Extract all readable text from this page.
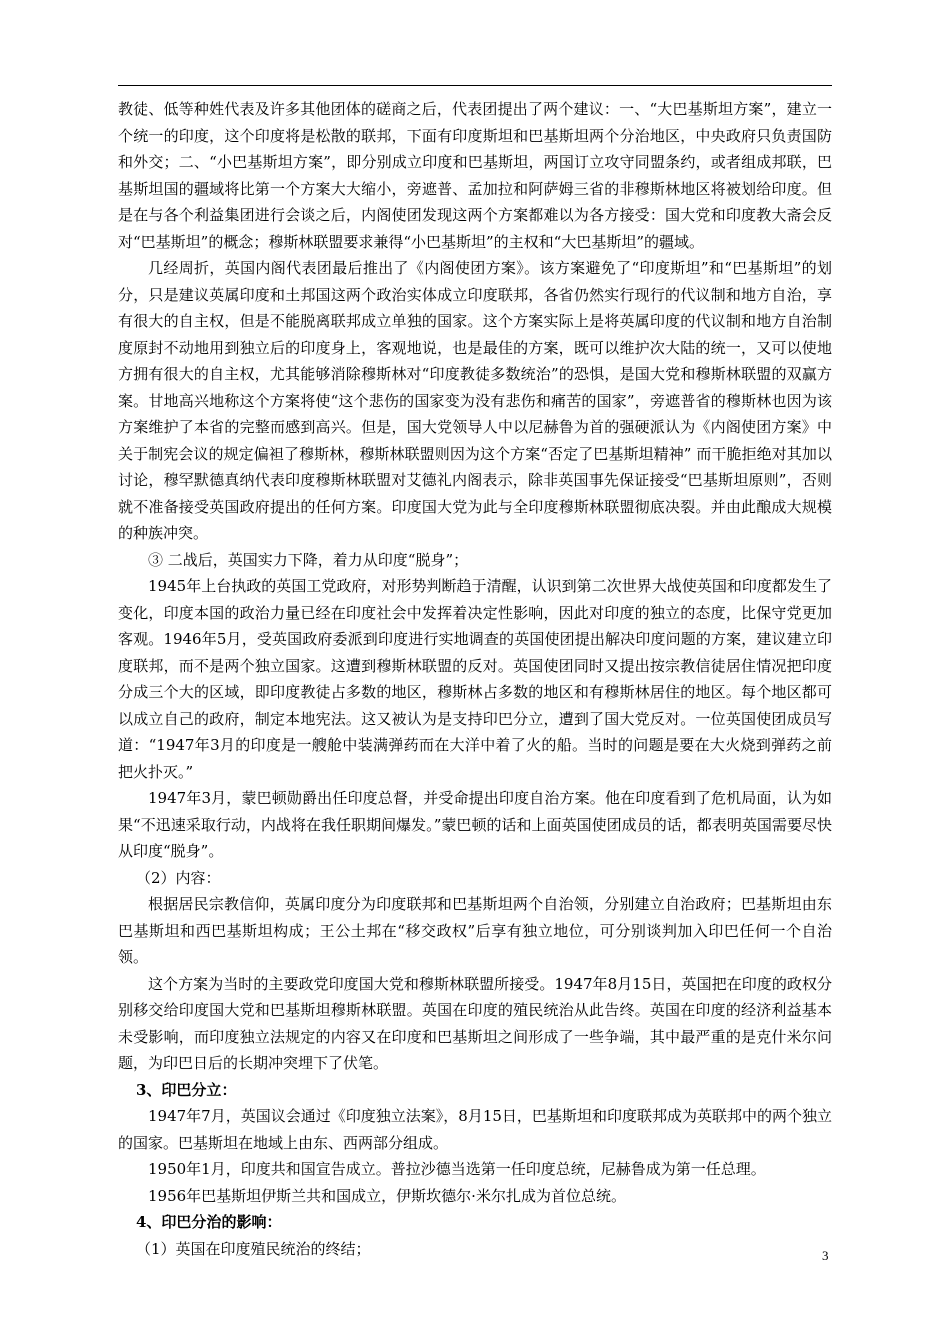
教徒、低等种姓代表及许多其他团体的磋商之后，代表团提出了两个建议：一、“大巴基斯坦方案”，建立一个统一的印度，这个印度将是松散的联邦，下面有印度斯坦和巴基斯坦两个分治地区，中央政府只负责国防和外交；二、“小巴基斯坦方案”，即分别成立印度和巴基斯坦，两国订立攻守同盟条约，或者组成邦联，巴基斯坦国的疆域将比第一个方案大大缩小，旁遮普、孟加拉和阿萨姆三省的非穆斯林地区将被划给印度。但是在与各个利益集团进行会谈之后，内阁使团发现这两个方案都难以为各方接受：国大党和印度教大斋会反对“巴基斯坦”的概念；穆斯林联盟要求兼得“小巴基斯坦”的主权和“大巴基斯坦”的疆域。

几经周折，英国内阁代表团最后推出了《内阁使团方案》。该方案避免了“印度斯坦”和“巴基斯坦”的划分，只是建议英属印度和土邦国这两个政治实体成立印度联邦，各省仍然实行现行的代议制和地方自治，享有很大的自主权，但是不能脱离联邦成立单独的国家。这个方案实际上是将英属印度的代议制和地方自治制度原封不动地用到独立后的印度身上，客观地说，也是最佳的方案，既可以维护次大陆的统一，又可以使地方拥有很大的自主权，尤其能够消除穆斯林对“印度教徒多数统治”的恐惧，是国大党和穆斯林联盟的双赢方案。甘地高兴地称这个方案将使“这个悲伤的国家变为没有悲伤和痛苦的国家”，旁遮普省的穆斯林也因为该方案维护了本省的完整而感到高兴。但是，国大党领导人中以尼赫鲁为首的强硬派认为《内阁使团方案》中关于制宪会议的规定偏袒了穆斯林，穆斯林联盟则因为这个方案“否定了巴基斯坦精神” 而干脆拒绝对其加以讨论，穆罕默德真纳代表印度穆斯林联盟对艾德礼内阁表示，除非英国事先保证接受“巴基斯坦原则”，否则就不准备接受英国政府提出的任何方案。印度国大党为此与全印度穆斯林联盟彻底决裂。并由此酿成大规模的种族冲突。

③ 二战后，英国实力下降，着力从印度“脱身”；

1945年上台执政的英国工党政府，对形势判断趋于清醒，认识到第二次世界大战使英国和印度都发生了变化，印度本国的政治力量已经在印度社会中发挥着决定性影响，因此对印度的独立的态度，比保守党更加客观。1946年5月，受英国政府委派到印度进行实地调查的英国使团提出解决印度问题的方案，建议建立印度联邦，而不是两个独立国家。这遭到穆斯林联盟的反对。英国使团同时又提出按宗教信徒居住情况把印度分成三个大的区域，即印度教徒占多数的地区，穆斯林占多数的地区和有穆斯林居住的地区。每个地区都可以成立自己的政府，制定本地宪法。这又被认为是支持印巴分立，遭到了国大党反对。一位英国使团成员写道：“1947年3月的印度是一艘舱中装满弹药而在大洋中着了火的船。当时的问题是要在大火烧到弹药之前把火扑灭。”

1947年3月，蒙巴顿勋爵出任印度总督，并受命提出印度自治方案。他在印度看到了危机局面，认为如果“不迅速采取行动，内战将在我任职期间爆发。”蒙巴顿的话和上面英国使团成员的话，都表明英国需要尽快从印度“脱身”。

（2）内容：

根据居民宗教信仰，英属印度分为印度联邦和巴基斯坦两个自治领，分别建立自治政府；巴基斯坦由东巴基斯坦和西巴基斯坦构成；王公土邦在“移交政权”后享有独立地位，可分别谈判加入印巴任何一个自治领。

这个方案为当时的主要政党印度国大党和穆斯林联盟所接受。1947年8月15日，英国把在印度的政权分别移交给印度国大党和巴基斯坦穆斯林联盟。英国在印度的殖民统治从此告终。英国在印度的经济利益基本未受影响，而印度独立法规定的内容又在印度和巴基斯坦之间形成了一些争端，其中最严重的是克什米尔问题，为印巴日后的长期冲突埋下了伏笔。

3、印巴分立：

1947年7月，英国议会通过《印度独立法案》，8月15日，巴基斯坦和印度联邦成为英联邦中的两个独立的国家。巴基斯坦在地域上由东、西两部分组成。

1950年1月，印度共和国宣告成立。普拉沙德当选第一任印度总统，尼赫鲁成为第一任总理。

1956年巴基斯坦伊斯兰共和国成立，伊斯坎德尔·米尔扎成为首位总统。

4、印巴分治的影响：

（1）英国在印度殖民统治的终结；	3
